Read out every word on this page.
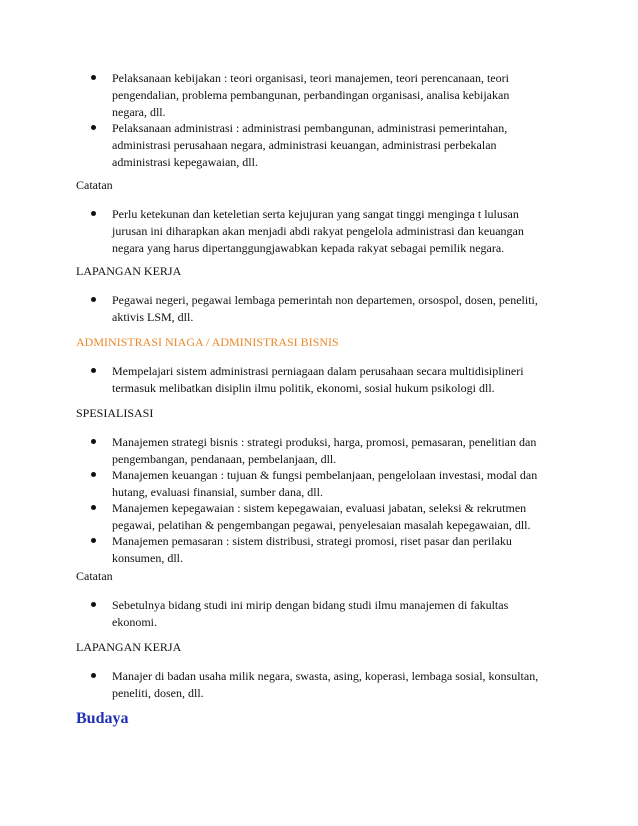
Pelaksanaan kebijakan : teori organisasi, teori manajemen, teori perencanaan, teori
pengendalian, problema pembangunan, perbandingan organisasi, analisa kebijakan
negara, dll.
Pelaksanaan administrasi : administrasi pembangunan, administrasi pemerintahan,
administrasi perusahaan negara, administrasi keuangan, administrasi perbekalan
administrasi kepegawaian, dll.
Catatan
Perlu ketekunan dan keteletian serta kejujuran yang sangat tinggi menginga t lulusan
jurusan ini diharapkan akan menjadi abdi rakyat pengelola administrasi dan keuangan
negara yang harus dipertanggungjawabkan kepada rakyat sebagai pemilik negara.
LAPANGAN KERJA
Pegawai negeri, pegawai lembaga pemerintah non departemen, orsospol, dosen, peneliti,
aktivis LSM, dll.
ADMINISTRASI NIAGA / ADMINISTRASI BISNIS
Mempelajari sistem administrasi perniagaan dalam perusahaan secara multidisiplineri
termasuk melibatkan disiplin ilmu politik, ekonomi, sosial hukum psikologi dll.
SPESIALISASI
Manajemen strategi bisnis : strategi produksi, harga, promosi, pemasaran, penelitian dan
pengembangan, pendanaan, pembelanjaan, dll.
Manajemen keuangan : tujuan & fungsi pembelanjaan, pengelolaan investasi, modal dan
hutang, evaluasi finansial, sumber dana, dll.
Manajemen kepegawaian : sistem kepegawaian, evaluasi jabatan, seleksi & rekrutmen
pegawai, pelatihan & pengembangan pegawai, penyelesaian masalah kepegawaian, dll.
Manajemen pemasaran : sistem distribusi, strategi promosi, riset pasar dan perilaku
konsumen, dll.
Catatan
Sebetulnya bidang studi ini mirip dengan bidang studi ilmu manajemen di fakultas
ekonomi.
LAPANGAN KERJA
Manajer di badan usaha milik negara, swasta, asing, koperasi, lembaga sosial, konsultan,
peneliti, dosen, dll.
Budaya
